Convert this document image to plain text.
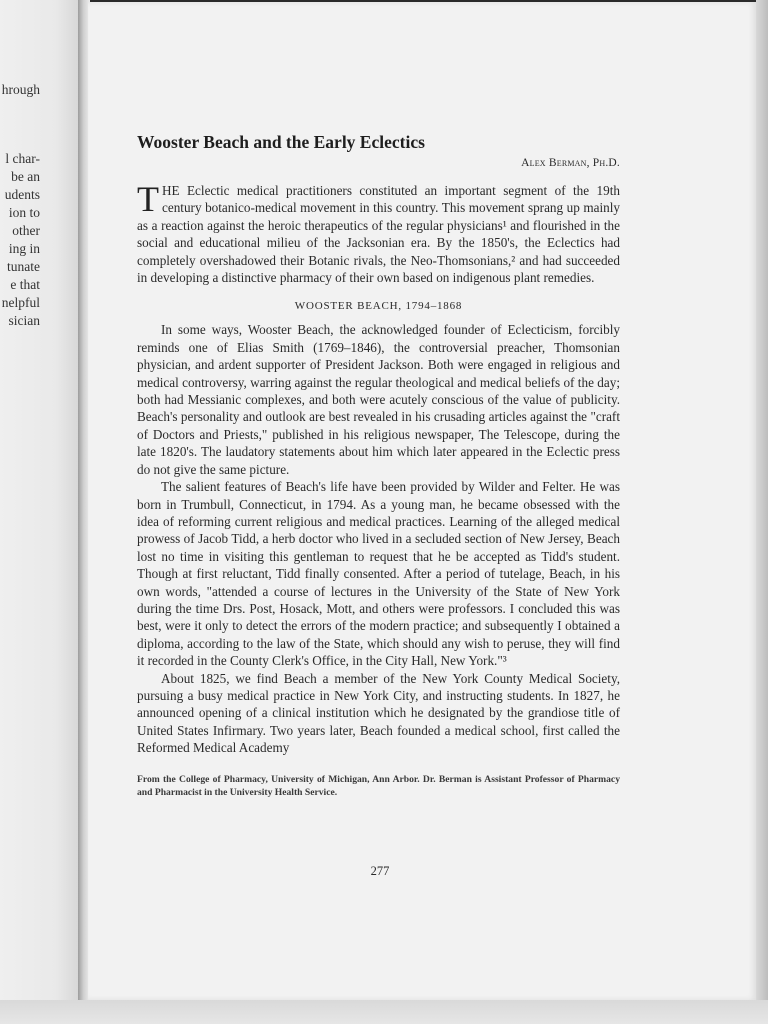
hrough
l char-
be an
udents
ion to
other
ing in
tunate
e that
nelpful
sician
Wooster Beach and the Early Eclectics
Alex Berman, Ph.D.

THE Eclectic medical practitioners constituted an important segment of the 19th century botanico-medical movement in this country. This movement sprang up mainly as a reaction against the heroic therapeutics of the regular physicians¹ and flourished in the social and educational milieu of the Jacksonian era. By the 1850's, the Eclectics had completely overshadowed their Botanic rivals, the Neo-Thomsonians,² and had succeeded in developing a distinctive pharmacy of their own based on indigenous plant remedies.

WOOSTER BEACH, 1794–1868

In some ways, Wooster Beach, the acknowledged founder of Eclecticism, forcibly reminds one of Elias Smith (1769–1846), the controversial preacher, Thomsonian physician, and ardent supporter of President Jackson. Both were engaged in religious and medical controversy, warring against the regular theological and medical beliefs of the day; both had Messianic complexes, and both were acutely conscious of the value of publicity. Beach's personality and outlook are best revealed in his crusading articles against the "craft of Doctors and Priests," published in his religious newspaper, The Telescope, during the late 1820's. The laudatory statements about him which later appeared in the Eclectic press do not give the same picture.

The salient features of Beach's life have been provided by Wilder and Felter. He was born in Trumbull, Connecticut, in 1794. As a young man, he became obsessed with the idea of reforming current religious and medical practices. Learning of the alleged medical prowess of Jacob Tidd, a herb doctor who lived in a secluded section of New Jersey, Beach lost no time in visiting this gentleman to request that he be accepted as Tidd's student. Though at first reluctant, Tidd finally consented. After a period of tutelage, Beach, in his own words, "attended a course of lectures in the University of the State of New York during the time Drs. Post, Hosack, Mott, and others were professors. I concluded this was best, were it only to detect the errors of the modern practice; and subsequently I obtained a diploma, according to the law of the State, which should any wish to peruse, they will find it recorded in the County Clerk's Office, in the City Hall, New York."³

About 1825, we find Beach a member of the New York County Medical Society, pursuing a busy medical practice in New York City, and instructing students. In 1827, he announced opening of a clinical institution which he designated by the grandiose title of United States Infirmary. Two years later, Beach founded a medical school, first called the Reformed Medical Academy

From the College of Pharmacy, University of Michigan, Ann Arbor. Dr. Berman is Assistant Professor of Pharmacy and Pharmacist in the University Health Service.

277
